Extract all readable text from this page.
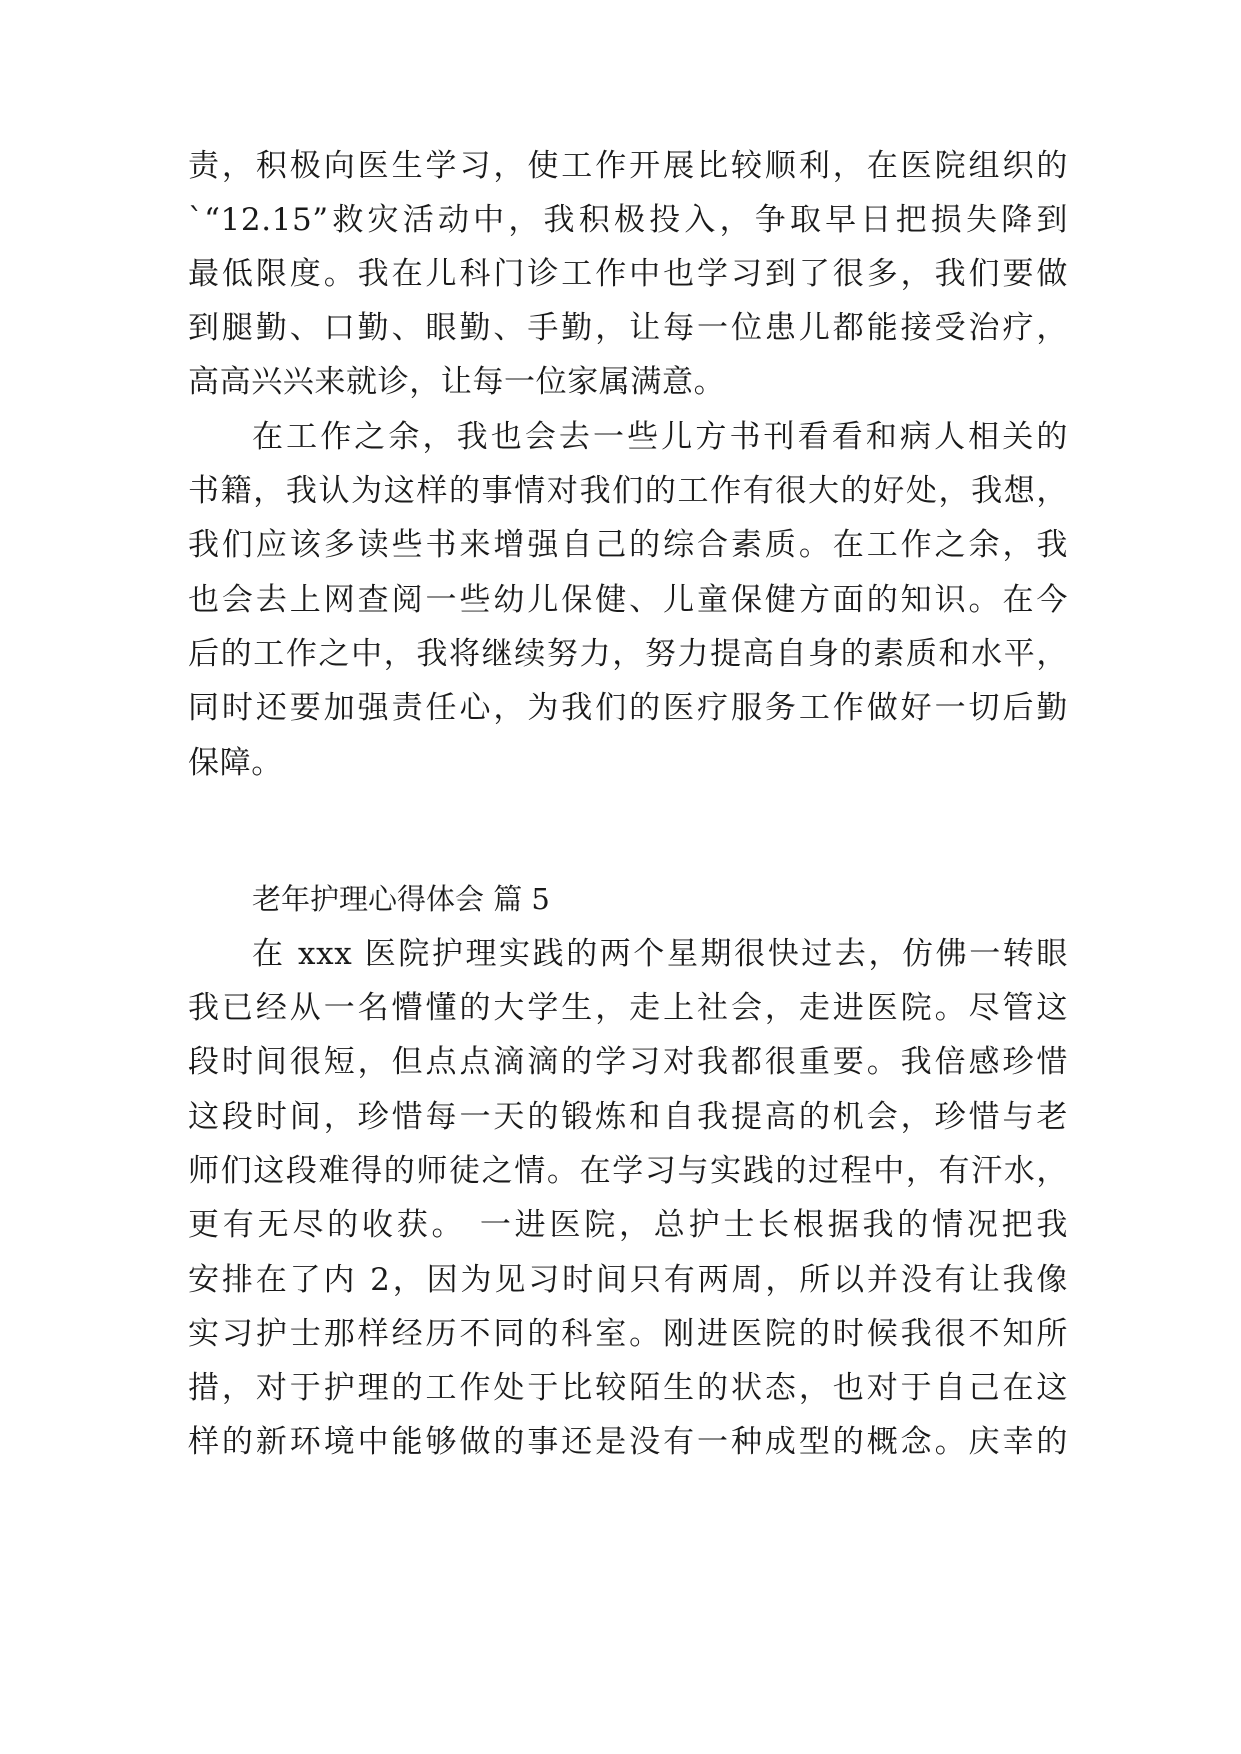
责，积极向医生学习，使工作开展比较顺利，在医院组织的

`“12.15”救灾活动中，我积极投入，争取早日把损失降到

最低限度。我在儿科门诊工作中也学习到了很多，我们要做

到腿勤、口勤、眼勤、手勤，让每一位患儿都能接受治疗，

高高兴兴来就诊，让每一位家属满意。

在工作之余，我也会去一些儿方书刊看看和病人相关的

书籍，我认为这样的事情对我们的工作有很大的好处，我想，

我们应该多读些书来增强自己的综合素质。在工作之余，我

也会去上网查阅一些幼儿保健、儿童保健方面的知识。在今

后的工作之中，我将继续努力，努力提高自身的素质和水平，

同时还要加强责任心，为我们的医疗服务工作做好一切后勤

保障。

老年护理心得体会 篇 5

在 xxx 医院护理实践的两个星期很快过去，仿佛一转眼

我已经从一名懵懂的大学生，走上社会，走进医院。尽管这

段时间很短，但点点滴滴的学习对我都很重要。我倍感珍惜

这段时间，珍惜每一天的锻炼和自我提高的机会，珍惜与老

师们这段难得的师徒之情。在学习与实践的过程中，有汗水，

更有无尽的收获。 一进医院，总护士长根据我的情况把我

安排在了内 2，因为见习时间只有两周，所以并没有让我像

实习护士那样经历不同的科室。刚进医院的时候我很不知所

措，对于护理的工作处于比较陌生的状态，也对于自己在这

样的新环境中能够做的事还是没有一种成型的概念。庆幸的
